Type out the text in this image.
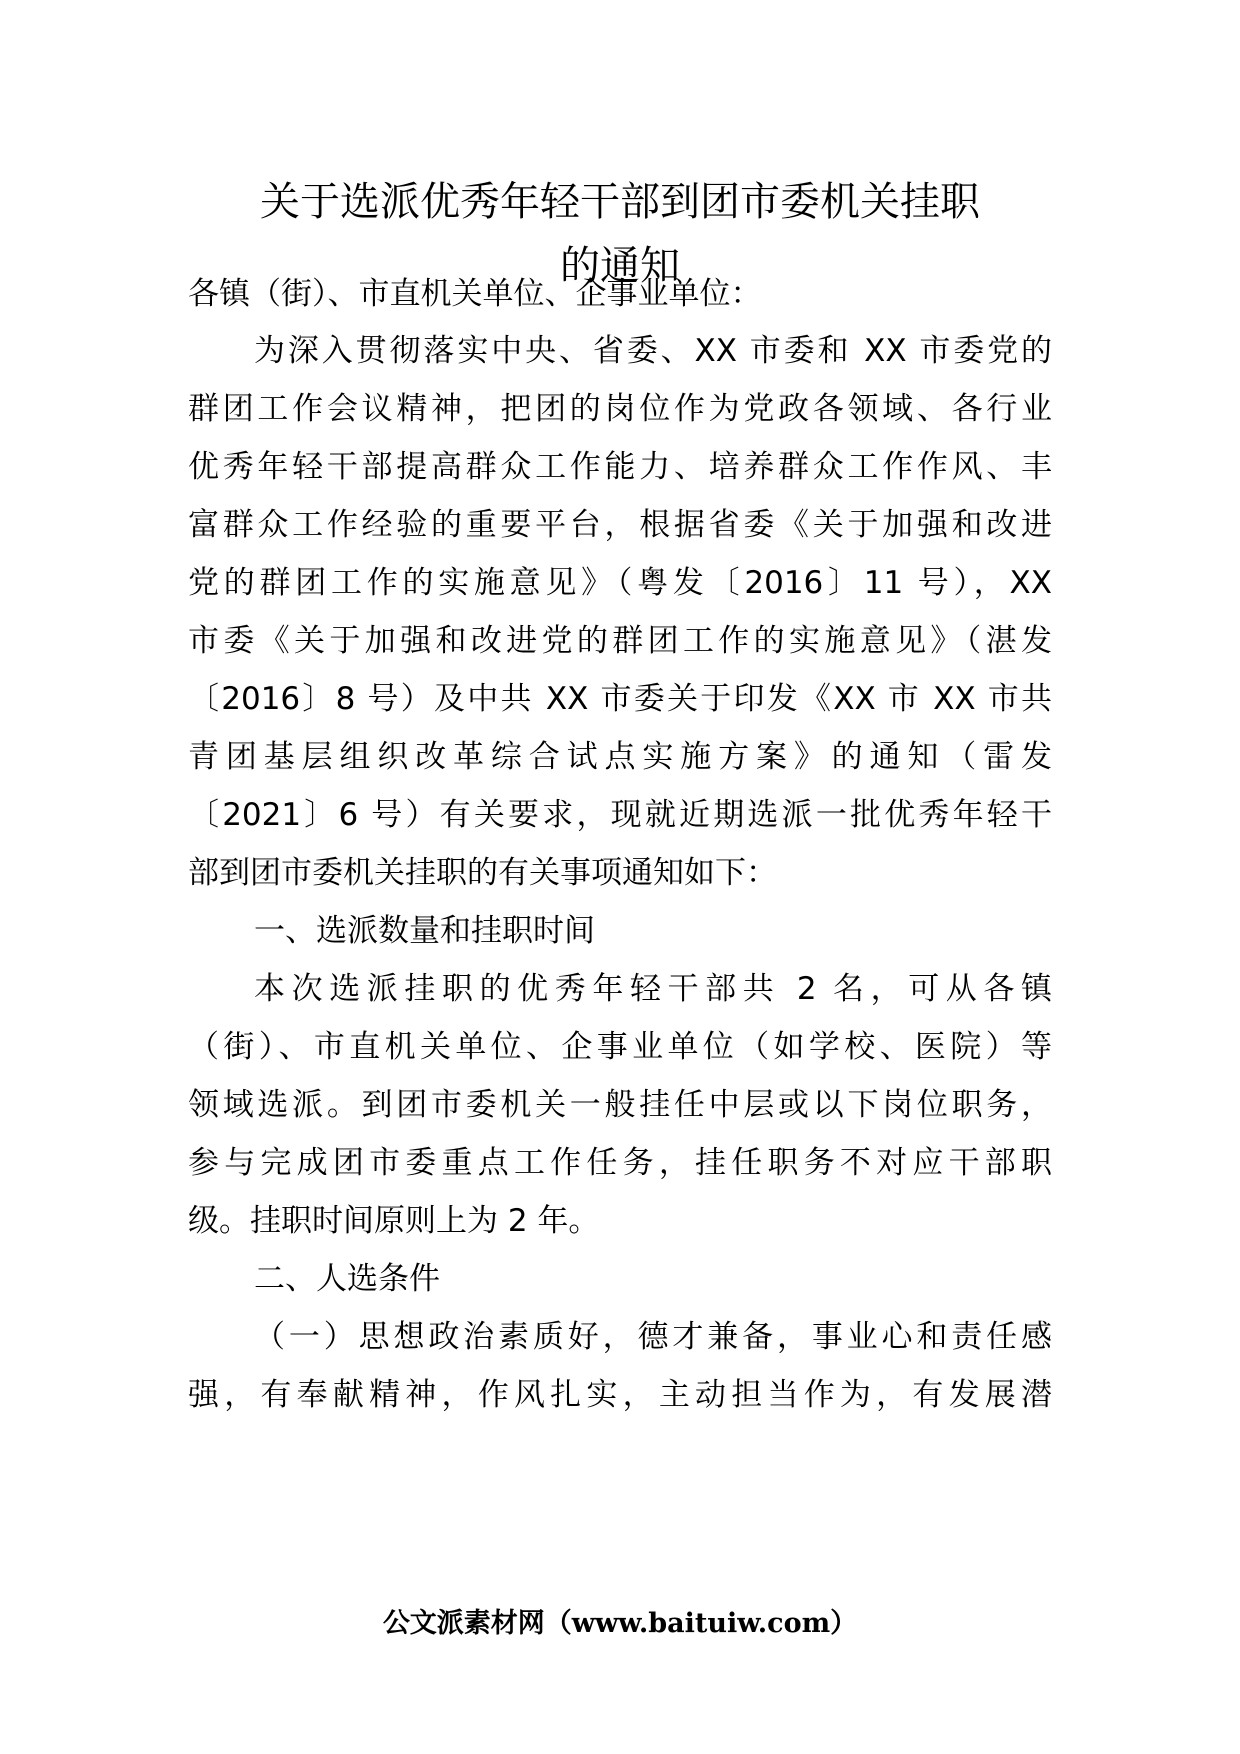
关于选派优秀年轻干部到团市委机关挂职
的通知
各镇（街）、市直机关单位、企事业单位：
为深入贯彻落实中央、省委、XX 市委和 XX 市委党的
群团工作会议精神，把团的岗位作为党政各领域、各行业
优秀年轻干部提高群众工作能力、培养群众工作作风、丰
富群众工作经验的重要平台，根据省委《关于加强和改进
党的群团工作的实施意见》（粤发〔2016〕11 号），XX
市委《关于加强和改进党的群团工作的实施意见》（湛发
〔2016〕8 号）及中共 XX 市委关于印发《XX 市 XX 市共
青团基层组织改革综合试点实施方案》的通知（雷发
〔2021〕6 号）有关要求，现就近期选派一批优秀年轻干
部到团市委机关挂职的有关事项通知如下：
一、选派数量和挂职时间
本次选派挂职的优秀年轻干部共 2 名，可从各镇
（街）、市直机关单位、企事业单位（如学校、医院）等
领域选派。到团市委机关一般挂任中层或以下岗位职务，
参与完成团市委重点工作任务，挂任职务不对应干部职
级。挂职时间原则上为 2 年。
二、人选条件
（一）思想政治素质好，德才兼备，事业心和责任感
强，有奉献精神，作风扎实，主动担当作为，有发展潜
公文派素材网（www.baituiw.com）
